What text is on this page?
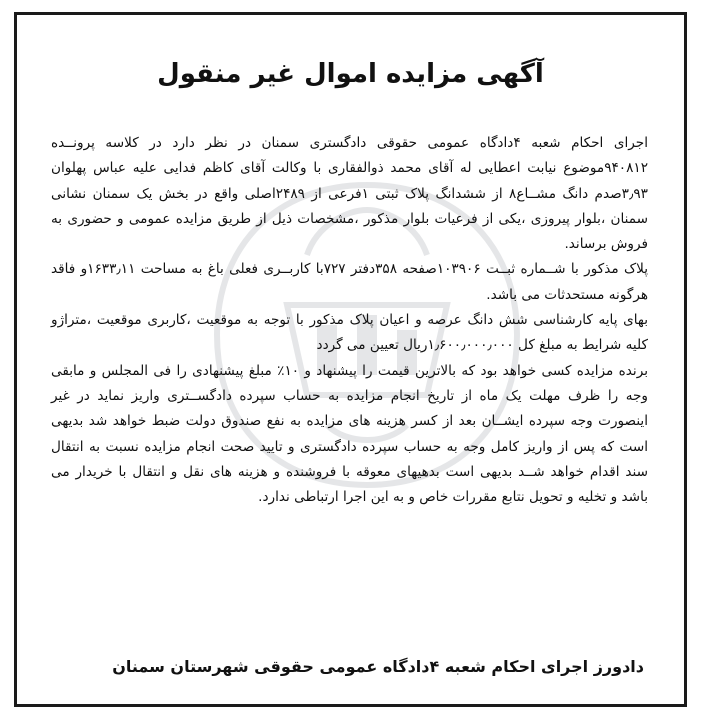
آگهی مزایده اموال غیر منقول

اجرای احکام شعبه ۴دادگاه عمومی حقوقی دادگستری سمنان در نظر دارد در کلاسه پرونــده ۹۴۰۸۱۲موضوع نیابت اعطایی له آقای محمد ذوالفقاری با وکالت آقای کاظم فدایی علیه عباس پهلوان ۳٫۹۳صدم دانگ مشــاع۸ از ششدانگ پلاک ثبتی ۱فرعی از ۲۴۸۹اصلی واقع در بخش یک سمنان نشانی سمنان ،بلوار پیروزی ،یکی از فرعیات بلوار مذکور ،مشخصات ذیل از طریق مزایده عمومی و حضوری به فروش برساند.

پلاک مذکور با شــماره ثبــت ۱۰۳۹۰۶صفحه ۳۵۸دفتر ۷۲۷با کاربــری فعلی باغ به مساحت ۱۶۳۳٫۱۱و فاقد هرگونه مستحدثات می باشد.

بهای پایه کارشناسی شش دانگ عرصه و اعیان پلاک مذکور با توجه به موقعیت ،کاربری موقعیت ،متراژو کلیه شرایط به مبلغ کل ۱٫۶۰۰٫۰۰۰٫۰۰۰ریال تعیین می گردد

برنده مزایده کسی خواهد بود که بالاترین قیمت را پیشنهاد و ۱۰٪ مبلغ پیشنهادی را فی المجلس و مابقی وجه را ظرف مهلت یک ماه از تاریخ انجام مزایده به حساب سپرده دادگســتری واریز نماید در غیر اینصورت وجه سپرده ایشــان بعد از کسر هزینه های مزایده به نفع صندوق دولت ضبط خواهد شد بدیهی است که پس از واریز کامل وجه به حساب سپرده دادگستری و تایید صحت انجام مزایده نسبت به انتقال سند اقدام خواهد شــد بدیهی است بدهیهای معوقه با فروشنده و هزینه های نقل و انتقال با خریدار می باشد و تخلیه و تحویل نتابع مقررات خاص و به این اجرا ارتباطی ندارد.

دادورز اجرای احکام شعبه ۴دادگاه عمومی حقوقی شهرستان سمنان
